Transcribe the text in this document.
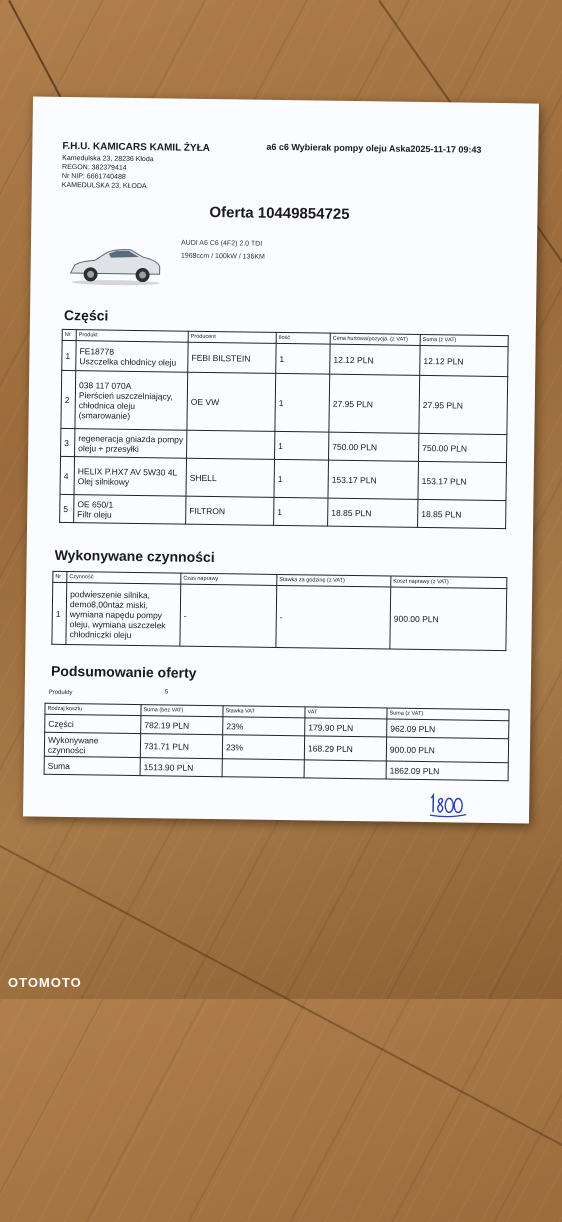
F.H.U. KAMICARS KAMIL ŻYŁA
Kamedulska 23, 28236 Kłoda
REGON: 382379414
Nr NIP: 6661740488
KAMEDULSKA 23, KŁODA
a6 c6 Wybierak pompy oleju Aska2025-11-17 09:43
Oferta 10449854725
AUDI A6 C6 (4F2) 2.0 TDI
1968ccm / 100kW / 136KM
Części
Nr	Produkt	Producent	Ilość	Cena hurtowa/pozycja. (z VAT)	Suma (z VAT)
1	FE18778
Uszczelka chłodnicy oleju	FEBI BILSTEIN	1	12.12 PLN	12.12 PLN
2	038 117 070A
Pierścień uszczelniający, chłodnica oleju (smarowanie)	OE VW	1	27.95 PLN	27.95 PLN
3	regeneracja gniazda pompy oleju + przesyłki		1	750.00 PLN	750.00 PLN
4	HELIX P.HX7 AV 5W30 4L
Olej silnikowy	SHELL	1	153.17 PLN	153.17 PLN
5	OE 650/1
Filtr oleju	FILTRON	1	18.85 PLN	18.85 PLN
Wykonywane czynności
Nr	Czynność	Czas naprawy	Stawka za godzinę (z VAT)	Koszt naprawy (z VAT)
1	podwieszenie silnika, demo8,00ntaż miski, wymiana napędu pompy oleju, wymiana uszczelek chłodniczki oleju	-	-	900.00 PLN
Podsumowanie oferty
Produkty	5
Rodzaj kosztu	Suma (bez VAT)	Stawka VAT	VAT	Suma (z VAT)
Części	782.19 PLN	23%	179.90 PLN	962.09 PLN
Wykonywane czynności	731.71 PLN	23%	168.29 PLN	900.00 PLN
Suma	1513.90 PLN			1862.09 PLN
OTOMOTO
